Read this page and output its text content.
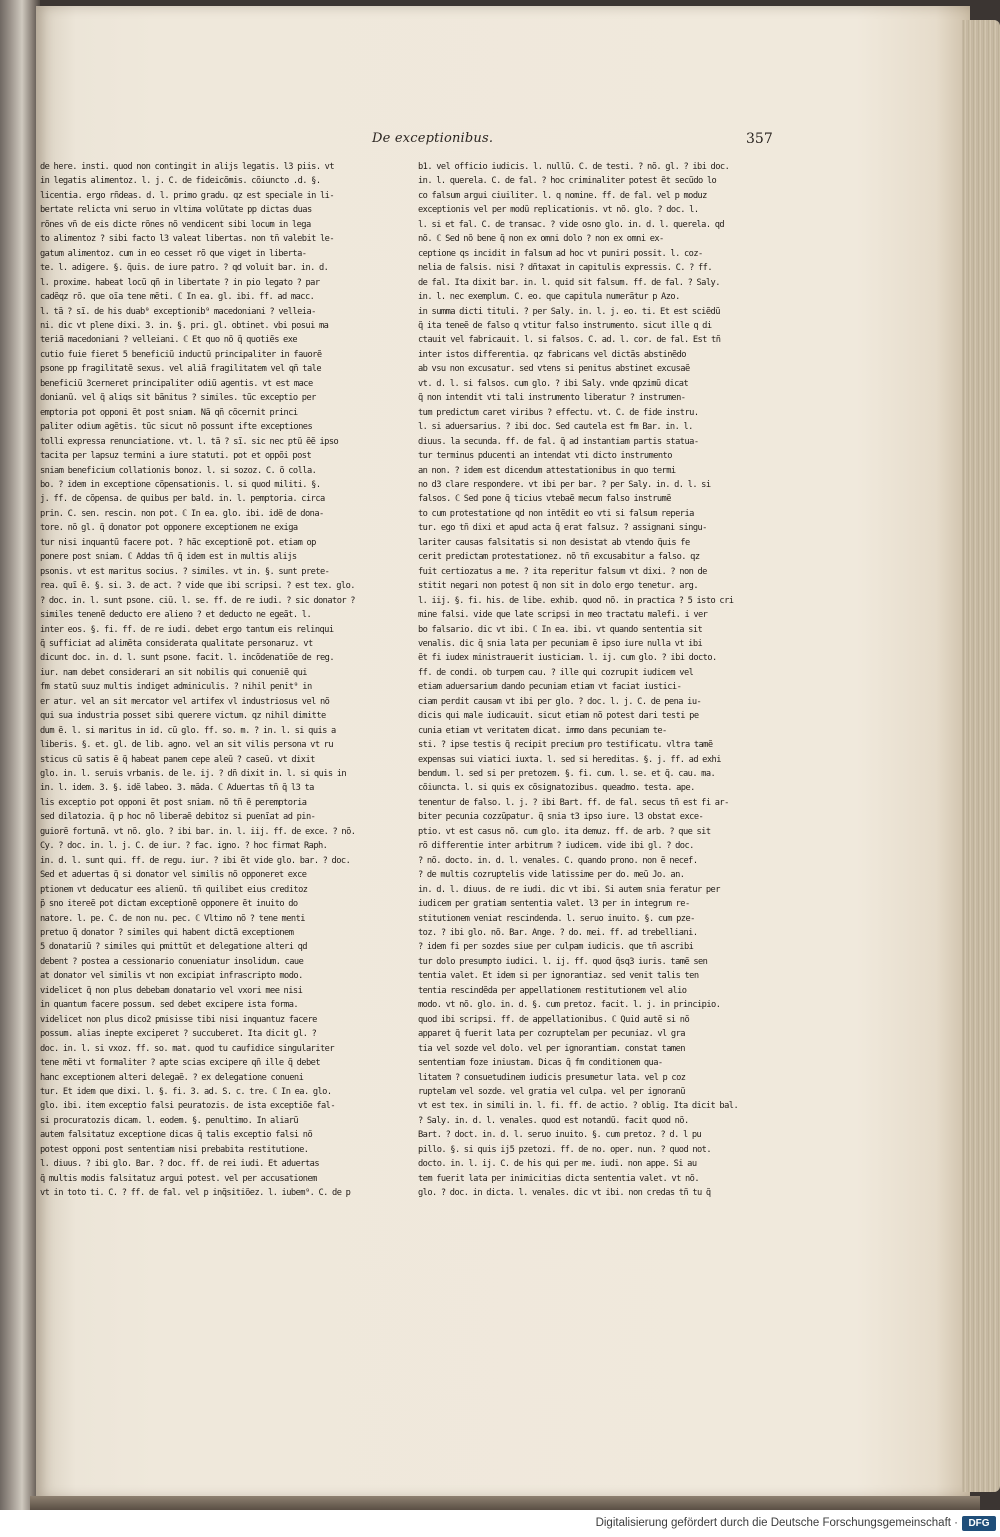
De exceptionibus.	357
de here. insti. quod non contingit in alijs legatis. l3 piis. vt
in legatis alimentoz. l. j. C. de fideicõmis. cõiuncto .d. §.
licentia. ergo rñdeas. d. l. primo gradu. qz est speciale in li-
bertate relicta vni seruo in vltima volũtate pp dictas duas
rõnes vñ de eis dicte rõnes nõ vendicent sibi locum in lega
to alimentoz ? sibi facto l3 valeat libertas. non tñ valebit le-
gatum alimentoz. cum in eo cesset rõ que viget in liberta-
te. l. adigere. §. q̃uis. de iure patro. ? qd voluit bar. in. d.
l. proxime. habeat locũ qñ in libertate ? in pio legato ? par
cadẽqz rõ. que oĩa tene mẽti. ℂ In ea. gl. ibi. ff. ad macc.
l. tã ? sĩ. de his duab⁹ exceptionib⁹ macedoniani ? velleia-
ni. dic vt plene dixi. 3. in. §. pri. gl. obtinet. vbi posui ma
teriã macedoniani ? velleiani. ℂ Et quo nõ q̃ quotiẽs exe
cutio fuie fieret 5 beneficiũ inductũ principaliter in fauorẽ
psone pp fragilitatẽ sexus. vel aliã fragilitatem vel qñ tale
beneficiũ 3cerneret principaliter odiũ agentis. vt est mace
donianũ. vel q̃ aliqs sit bãnitus ? similes. tũc exceptio per
emptoria pot opponi ẽt post sniam. Nã qñ cõcernit princi
paliter odium agẽtis. tũc sicut nõ possunt ifte exceptiones
tolli expressa renunciatione. vt. l. tã ? sĩ. sic nec ptũ ẽẽ ipso
tacita per lapsuz termini a iure statuti. pot et oppõi post
sniam beneficium collationis bonoz. l. si sozoz. C. õ colla.
bo. ? idem in exceptione cõpensationis. l. si quod militi. §.
j. ff. de cõpensa. de quibus per bald. in. l. pemptoria. circa
prin. C. sen. rescin. non pot. ℂ In ea. glo. ibi. idẽ de dona-
tore. nõ gl. q̃ donator pot opponere exceptionem ne exiga
tur nisi inquantũ facere pot. ? hãc exceptionẽ pot. etiam op
ponere post sniam. ℂ Addas tñ q̃ idem est in multis alijs
psonis. vt est maritus socius. ? similes. vt in. §. sunt prete-
rea. quĩ ẽ. §. si. 3. de act. ? vide que ibi scripsi. ? est tex. glo.
? doc. in. l. sunt psone. ciũ. l. se. ff. de re iudi. ? sic donator ?
similes tenenẽ deducto ere alieno ? et deducto ne egeãt. l.
inter eos. §. fi. ff. de re iudi. debet ergo tantum eis relinqui
q̃ sufficiat ad alimẽta considerata qualitate personaruz. vt
dicunt doc. in. d. l. sunt psone. facit. l. incõdenatiõe de reg.
iur. nam debet considerari an sit nobilis qui conueniẽ qui
fm statũ suuz multis indiget adminiculis. ? nihil penit⁹ in
er atur. vel an sit mercator vel artifex vl industriosus vel nõ
qui sua industria posset sibi querere victum. qz nihil dimitte
dum ẽ. l. si maritus in id. cũ glo. ff. so. m. ? in. l. si quis a
liberis. §. et. gl. de lib. agno. vel an sit vilis persona vt ru
sticus cũ satis ẽ q̃ habeat panem cepe aleũ ? caseũ. vt dixit
glo. in. l. seruis vrbanis. de le. ij. ? dñ dixit in. l. si quis in
in. l. idem. 3. §. idẽ labeo. 3. mãda. ℂ Aduertas tñ q̃ l3 ta
lis exceptio pot opponi ẽt post sniam. nõ tñ ẽ peremptoria
sed dilatozia. q̃ p hoc nõ liberaẽ debitoz si puenĩat ad pin-
guiorẽ fortunã. vt nõ. glo. ? ibi bar. in. l. iij. ff. de exce. ? nõ.
Cy. ? doc. in. l. j. C. de iur. ? fac. igno. ? hoc firmat Raph.
in. d. l. sunt qui. ff. de regu. iur. ? ibi ẽt vide glo. bar. ? doc.
Sed et aduertas q̃ si donator vel similis nõ opponeret exce
ptionem vt deducatur ees alienũ. tñ quilibet eius creditoz
p̃ sno itereẽ pot dictam exceptionẽ opponere ẽt inuito do
natore. l. pe. C. de non nu. pec. ℂ Vltimo nõ ? tene menti
pretuo q̃ donator ? similes qui habent dictã exceptionem
5 donatariũ ? similes qui pmittũt et delegatione alteri qd
debent ? postea a cessionario conueniatur insolidum. caue
at donator vel similis vt non excipiat infrascripto modo.
videlicet q̃ non plus debebam donatario vel vxori mee nisi
in quantum facere possum. sed debet excipere ista forma.
videlicet non plus dico2 pmisisse tibi nisi inquantuz facere
possum. alias inepte exciperet ? succuberet. Ita dicit gl. ?
doc. in. l. si vxoz. ff. so. mat. quod tu caufidice singulariter
tene mẽti vt formaliter ? apte scias excipere qñ ille q̃ debet
hanc exceptionem alteri delegaẽ. ? ex delegatione conueni
tur. Et idem que dixi. l. §. fi. 3. ad. S. c. tre. ℂ In ea. glo.
glo. ibi. item exceptio falsi peuratozis. de ista exceptiõe fal-
si procuratozis dicam. l. eodem. §. penultimo. In aliarũ
autem falsitatuz exceptione dicas q̃ talis exceptio falsi nõ
potest opponi post sententiam nisi prebabita restitutione.
l. diuus. ? ibi glo. Bar. ? doc. ff. de rei iudi. Et aduertas
q̃ multis modis falsitatuz argui potest. vel per accusationem
vt in toto ti. C. ? ff. de fal. vel p inq̃sitiõez. l. iubem⁹. C. de p
b1. vel officio iudicis. l. nullũ. C. de testi. ? nõ. gl. ? ibi doc.
in. l. querela. C. de fal. ? hoc criminaliter potest ẽt secũdo lo
co falsum argui ciuiliter. l. q nomine. ff. de fal. vel p moduz
exceptionis vel per modũ replicationis. vt nõ. glo. ? doc. l.
l. si et fal. C. de transac. ? vide osno glo. in. d. l. querela. qd
nõ. ℂ Sed nõ bene q̃ non ex omni dolo ? non ex omni ex-
ceptione qs incidit in falsum ad hoc vt puniri possit. l. coz-
nelia de falsis. nisi ? dñtaxat in capitulis expressis. C. ? ff.
de fal. Ita dixit bar. in. l. quid sit falsum. ff. de fal. ? Saly.
in. l. nec exemplum. C. eo. que capitula numerãtur p Azo.
in summa dicti tituli. ? per Saly. in. l. j. eo. ti. Et est sciẽdũ
q̃ ita teneẽ de falso q vtitur falso instrumento. sicut ille q di
ctauit vel fabricauit. l. si falsos. C. ad. l. cor. de fal. Est tñ
inter istos differentia. qz fabricans vel dictãs abstinẽdo
ab vsu non excusatur. sed vtens si penitus abstinet excusaẽ
vt. d. l. si falsos. cum glo. ? ibi Saly. vnde qpzimũ dicat
q̃ non intendit vti tali instrumento liberatur ? instrumen-
tum predictum caret viribus ? effectu. vt. C. de fide instru.
l. si aduersarius. ? ibi doc. Sed cautela est fm Bar. in. l.
diuus. la secunda. ff. de fal. q̃ ad instantiam partis statua-
tur terminus pducenti an intendat vti dicto instrumento
an non. ? idem est dicendum attestationibus in quo termi
no d3 clare respondere. vt ibi per bar. ? per Saly. in. d. l. si
falsos. ℂ Sed pone q̃ ticius vtebaẽ mecum falso instrumẽ
to cum protestatione qd non intẽdit eo vti si falsum reperia
tur. ego tñ dixi et apud acta q̃ erat falsuz. ? assignani singu-
lariter causas falsitatis si non desistat ab vtendo q̃uis fe
cerit predictam protestationez. nõ tñ excusabitur a falso. qz
fuit certiozatus a me. ? ita reperitur falsum vt dixi. ? non de
stitit negari non potest q̃ non sit in dolo ergo tenetur. arg.
l. iij. §. fi. his. de libe. exhib. quod nõ. in practica ? 5 isto cri
mine falsi. vide que late scripsi in meo tractatu malefi. i ver
bo falsario. dic vt ibi. ℂ In ea. ibi. vt quando sententia sit
venalis. dic q̃ snia lata per pecuniam ẽ ipso iure nulla vt ibi
ẽt fi iudex ministrauerit iusticiam. l. ij. cum glo. ? ibi docto.
ff. de condi. ob turpem cau. ? ille qui cozrupit iudicem vel
etiam aduersarium dando pecuniam etiam vt faciat iustici-
ciam perdit causam vt ibi per glo. ? doc. l. j. C. de pena iu-
dicis qui male iudicauit. sicut etiam nõ potest dari testi pe
cunia etiam vt veritatem dicat. immo dans pecuniam te-
sti. ? ipse testis q̃ recipit precium pro testificatu. vltra tamẽ
expensas sui viatici iuxta. l. sed si hereditas. §. j. ff. ad exhi
bendum. l. sed si per pretozem. §. fi. cum. l. se. et q̃. cau. ma.
cõiuncta. l. si quis ex cõsignatozibus. queadmo. testa. ape.
tenentur de falso. l. j. ? ibi Bart. ff. de fal. secus tñ est fi ar-
biter pecunia cozzũpatur. q̃ snia t3 ipso iure. l3 obstat exce-
ptio. vt est casus nõ. cum glo. ita demuz. ff. de arb. ? que sit
rõ differentie inter arbitrum ? iudicem. vide ibi gl. ? doc.
? nõ. docto. in. d. l. venales. C. quando prono. non ẽ necef.
? de multis cozruptelis vide latissime per do. meũ Jo. an.
in. d. l. diuus. de re iudi. dic vt ibi. Si autem snia feratur per
iudicem per gratiam sententia valet. l3 per in integrum re-
stitutionem veniat rescindenda. l. seruo inuito. §. cum pze-
toz. ? ibi glo. nõ. Bar. Ange. ? do. mei. ff. ad trebelliani.
? idem fi per sozdes siue per culpam iudicis. que tñ ascribi
tur dolo presumpto iudici. l. ij. ff. quod q̃sq3 iuris. tamẽ sen
tentia valet. Et idem si per ignorantiaz. sed venit talis ten
tentia rescindẽda per appellationem restitutionem vel alio
modo. vt nõ. glo. in. d. §. cum pretoz. facit. l. j. in principio.
quod ibi scripsi. ff. de appellationibus. ℂ Quid autẽ si nõ
apparet q̃ fuerit lata per cozruptelam per pecuniaz. vl gra
tia vel sozde vel dolo. vel per ignorantiam. constat tamen
sententiam foze iniustam. Dicas q̃ fm conditionem qua-
litatem ? consuetudinem iudicis presumetur lata. vel p coz
ruptelam vel sozde. vel gratia vel culpa. vel per ignoranũ
vt est tex. in simili in. l. fi. ff. de actio. ? oblig. Ita dicit bal.
? Saly. in. d. l. venales. quod est notandũ. facit quod nõ.
Bart. ? doct. in. d. l. seruo inuito. §. cum pretoz. ? d. l pu
pillo. §. si quis ij5 pzetozi. ff. de no. oper. nun. ? quod not.
docto. in. l. ij. C. de his qui per me. iudi. non appe. Si au
tem fuerit lata per inimicitias dicta sententia valet. vt nõ.
glo. ? doc. in dicta. l. venales. dic vt ibi. non credas tñ tu q̃
Digitalisierung gefördert durch die Deutsche Forschungsgemeinschaft ·	DFG
